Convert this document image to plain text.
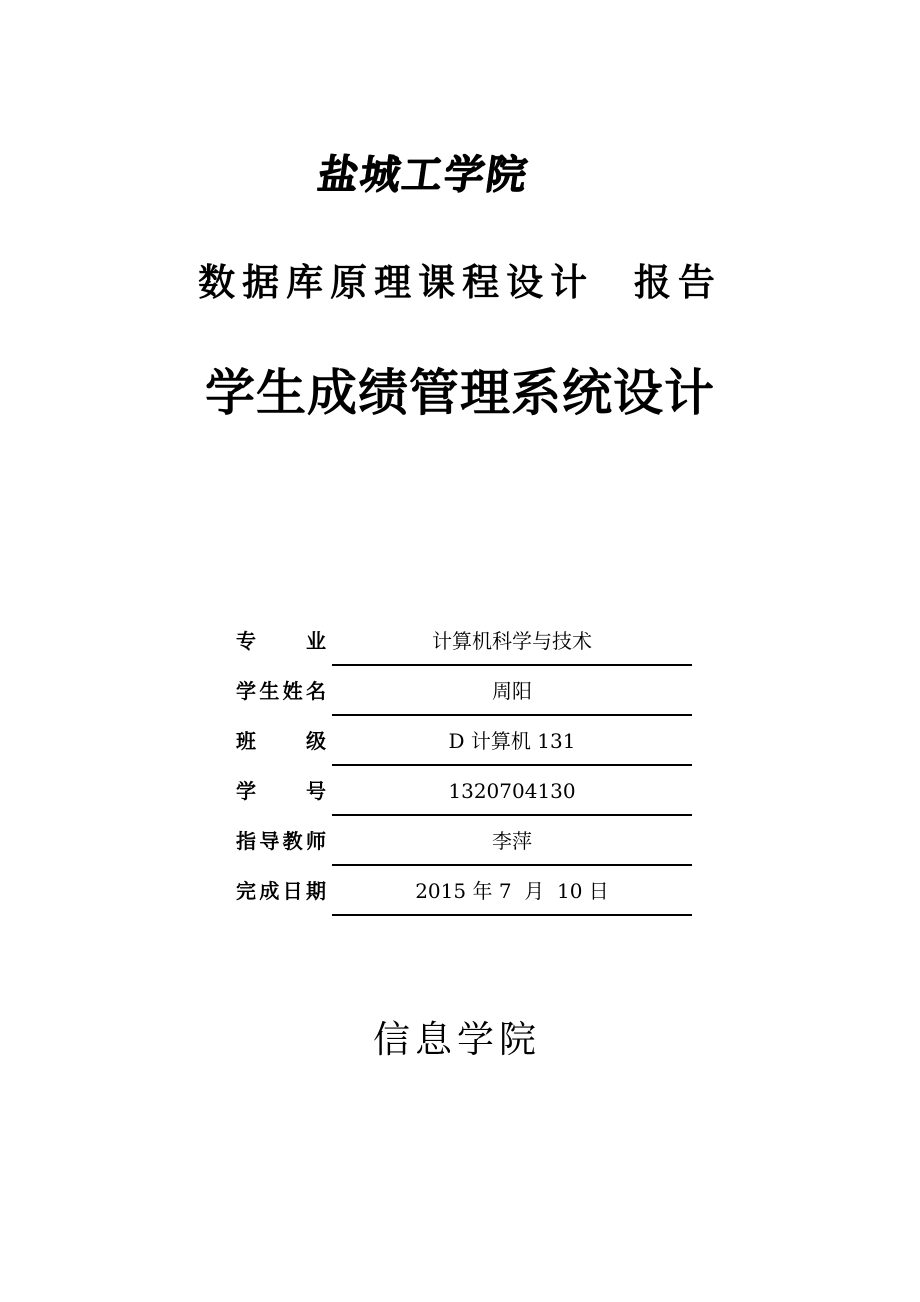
盐城工学院
数据库原理课程设计  报告
学生成绩管理系统设计
专业	计算机科学与技术
学生姓名	周阳
班级	D 计算机 131
学号	1320704130
指导教师	李萍
完成日期	2015 年 7  月  10 日
信息学院
